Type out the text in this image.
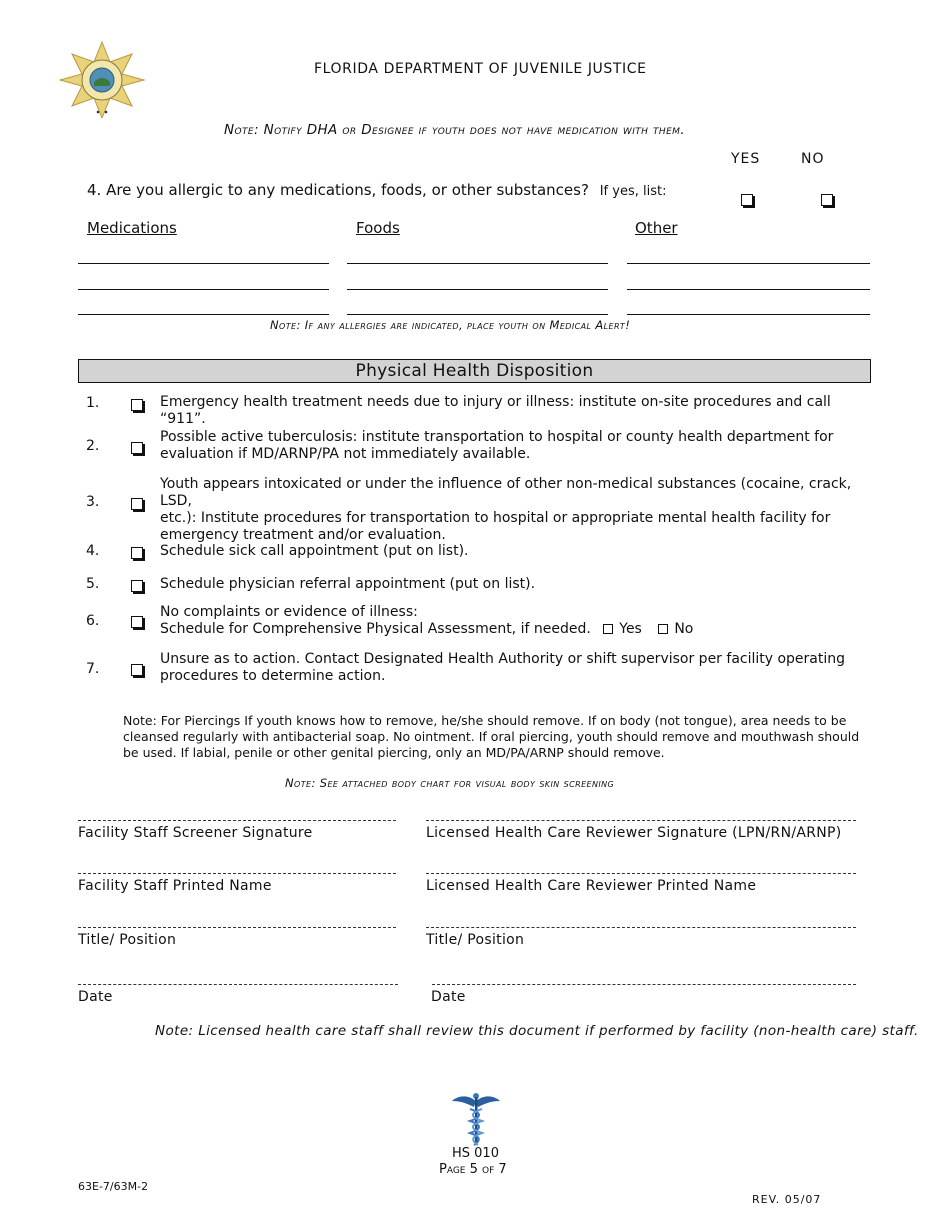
FLORIDA DEPARTMENT OF JUVENILE JUSTICE
Note: Notify DHA or Designee if youth does not have medication with them.
YES	NO
4. Are you allergic to any medications, foods, or other substances? If yes, list:
Medications	Foods	Other
Note: If any allergies are indicated, place youth on Medical Alert!
Physical Health Disposition
1.	Emergency health treatment needs due to injury or illness: institute on-site procedures and call “911”.
2.
Possible active tuberculosis: institute transportation to hospital or county health department for
evaluation if MD/ARNP/PA not immediately available.
3.
Youth appears intoxicated or under the influence of other non-medical substances (cocaine, crack, LSD,
etc.): Institute procedures for transportation to hospital or appropriate mental health facility for
emergency treatment and/or evaluation.
4.	Schedule sick call appointment (put on list).
5.	Schedule physician referral appointment (put on list).
6.
No complaints or evidence of illness:
Schedule for Comprehensive Physical Assessment, if needed. Yes No
7.
Unsure as to action. Contact Designated Health Authority or shift supervisor per facility operating
procedures to determine action.
Note: For Piercings If youth knows how to remove, he/she should remove. If on body (not tongue), area needs to be cleansed regularly with antibacterial soap. No ointment. If oral piercing, youth should remove and mouthwash should be used. If labial, penile or other genital piercing, only an MD/PA/ARNP should remove.
Note: See attached body chart for visual body skin screening
Facility Staff Screener Signature	Licensed Health Care Reviewer Signature (LPN/RN/ARNP)
Facility Staff Printed Name	Licensed Health Care Reviewer Printed Name
Title/ Position	Title/ Position
Date	Date
Note: Licensed health care staff shall review this document if performed by facility (non-health care) staff.
HS 010
Page 5 of 7
63E-7/63M-2
REV. 05/07
